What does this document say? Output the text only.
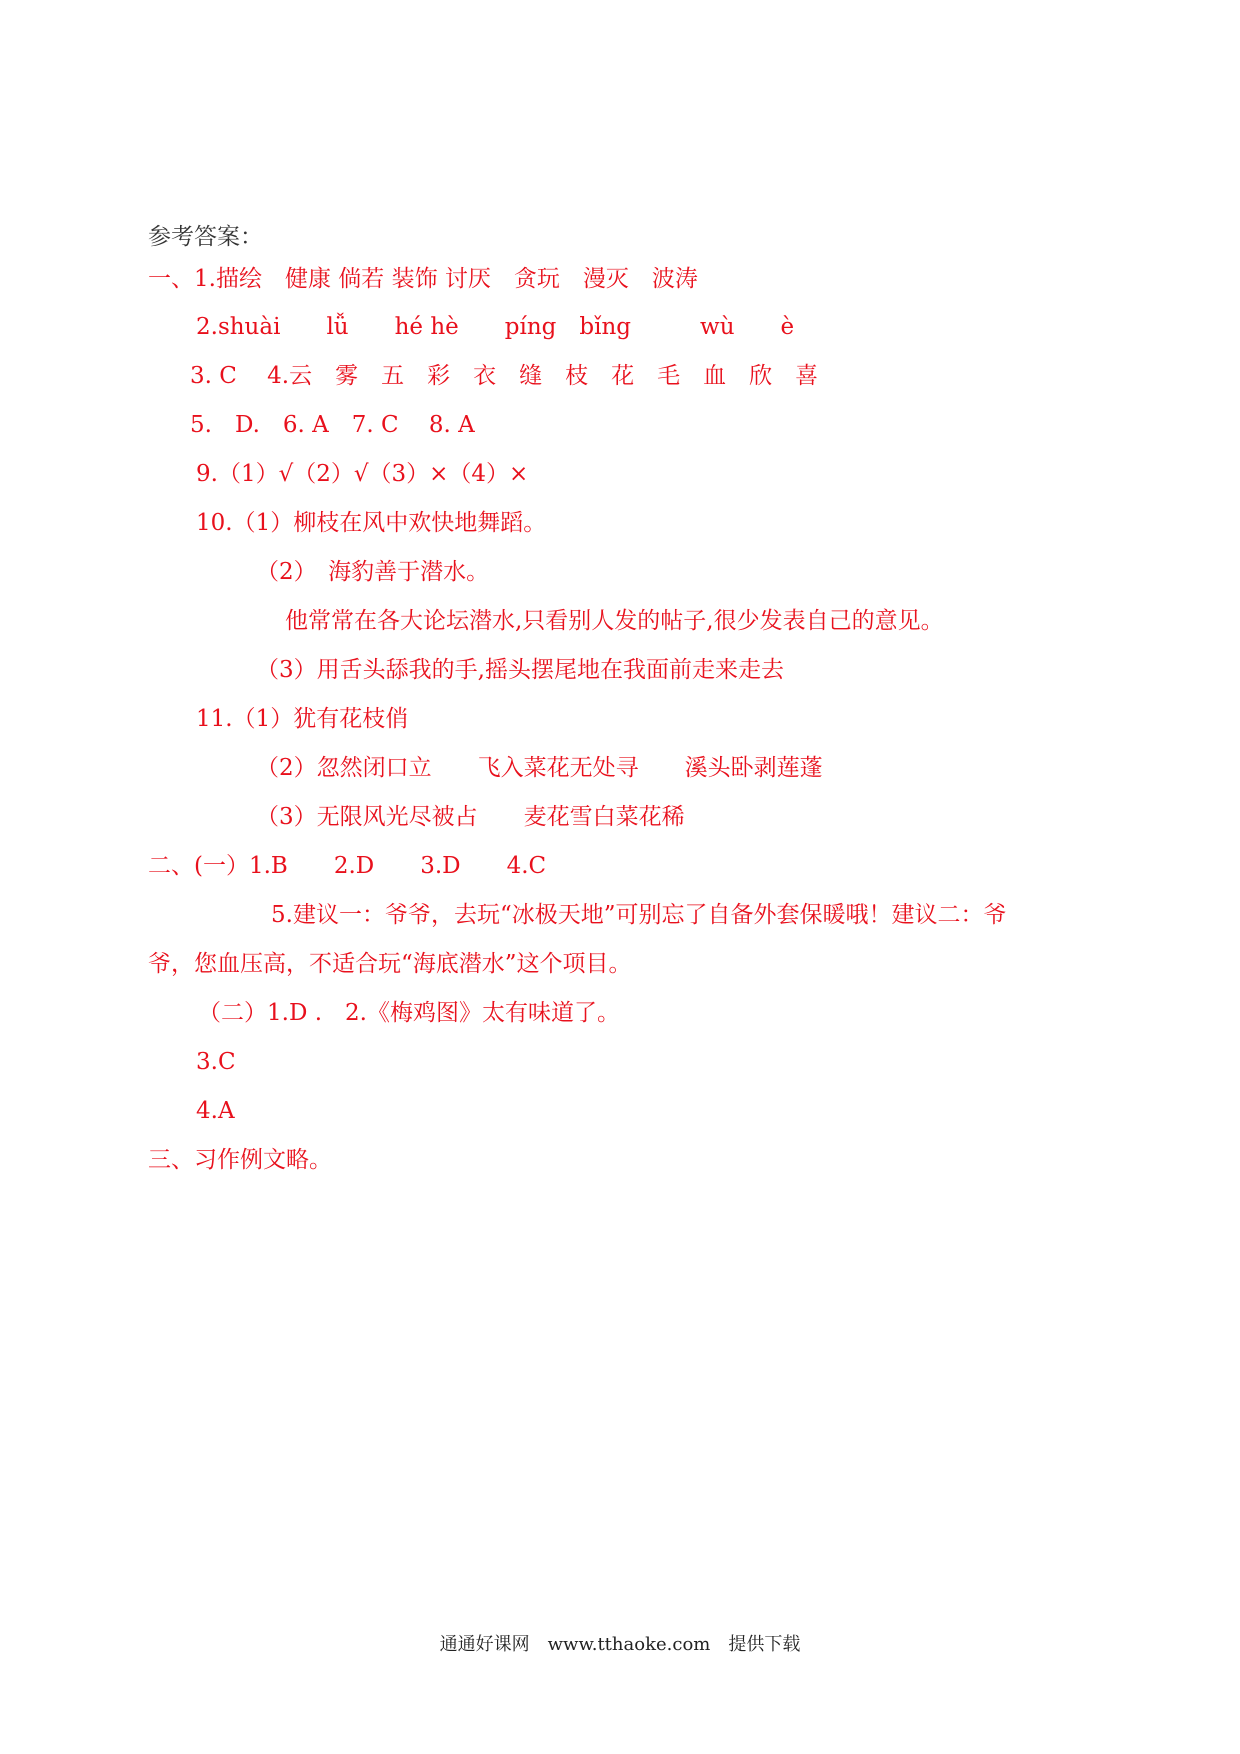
参考答案：
一、1.描绘　健康 倘若 装饰 讨厌　贪玩　漫灭　波涛
2.shuài　　lǚ　　hé hè　　píng　bǐng　　　wù　　è
3. C　 4.云　雾　五　彩　衣　缝　枝　花　毛　血　欣　喜
5.　D.　6. A　7. C　 8. A
9.（1）√（2）√（3）×（4）×
10.（1）柳枝在风中欢快地舞蹈。
（2）　海豹善于潜水。
他常常在各大论坛潜水,只看别人发的帖子,很少发表自己的意见。
（3）用舌头舔我的手,摇头摆尾地在我面前走来走去
11.（1）犹有花枝俏
（2）忽然闭口立　　飞入菜花无处寻　　溪头卧剥莲蓬
（3）无限风光尽被占　　麦花雪白菜花稀
二、(一）1.B　　2.D　　3.D　　4.C
5.建议一：爷爷，去玩“冰极天地”可别忘了自备外套保暖哦！建议二：爷
爷，您血压高，不适合玩“海底潜水”这个项目。
（二）1.D .　2.《梅鸡图》太有味道了。
3.C
4.A
三、习作例文略。
通通好课网　www.tthaoke.com　提供下载
